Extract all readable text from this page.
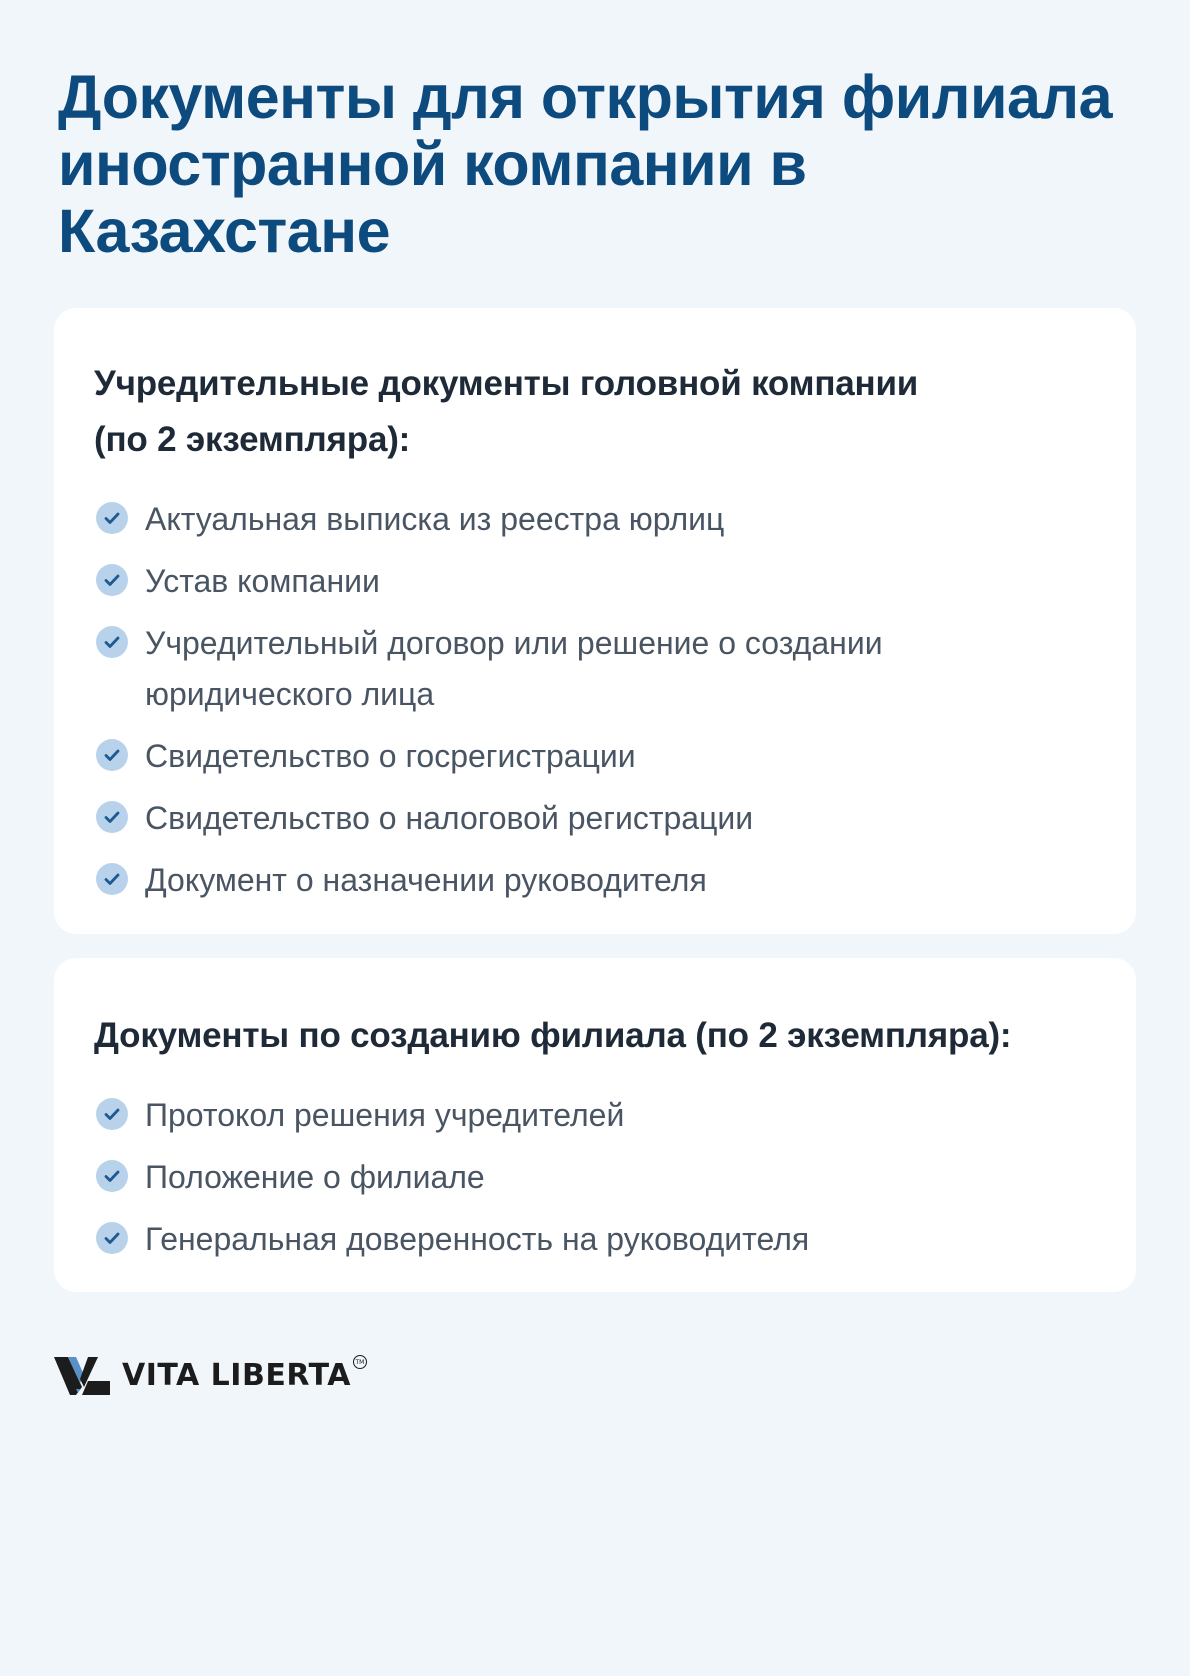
Документы для открытия филиала иностранной компании в Казахстане
Учредительные документы головной компании
(по 2 экземпляра):
Актуальная выписка из реестра юрлиц
Устав компании
Учредительный договор или решение о создании юридического лица
Свидетельство о госрегистрации
Свидетельство о налоговой регистрации
Документ о назначении руководителя
Документы по созданию филиала (по 2 экземпляра):
Протокол решения учредителей
Положение о филиале
Генеральная доверенность на руководителя
VITA LIBERTA TM
